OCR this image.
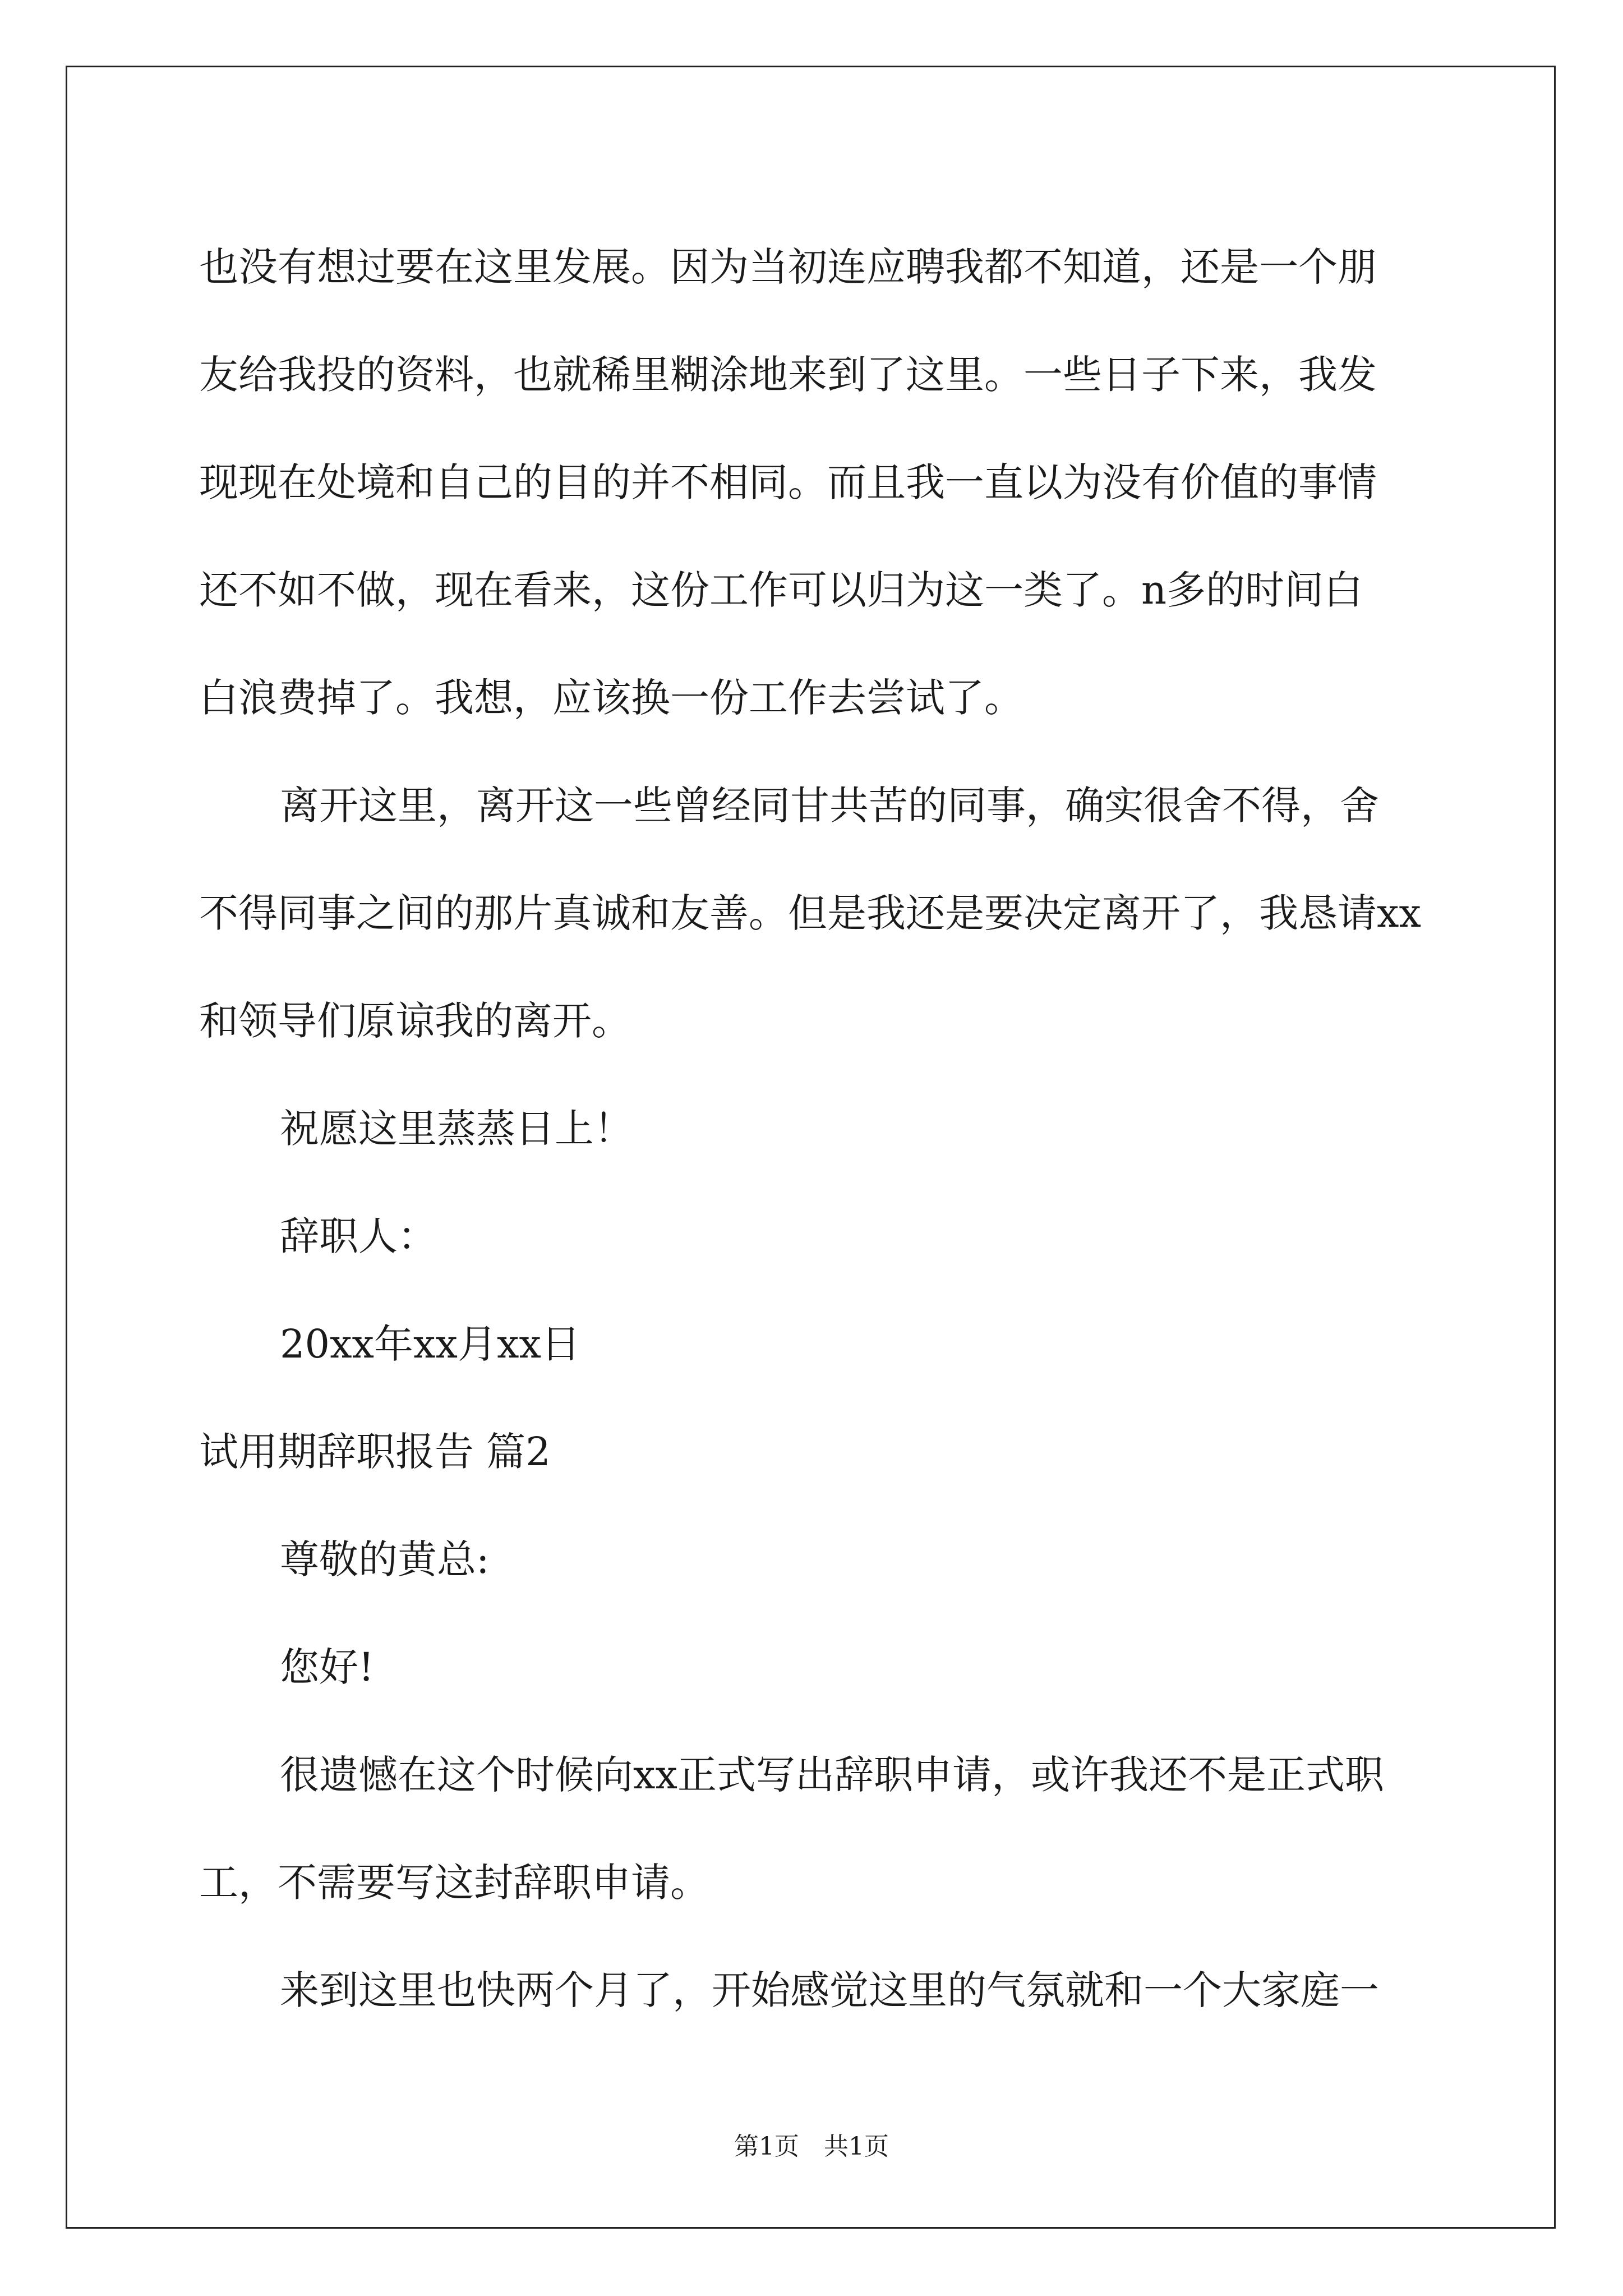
也没有想过要在这里发展。因为当初连应聘我都不知道，还是一个朋

友给我投的资料，也就稀里糊涂地来到了这里。一些日子下来，我发

现现在处境和自己的目的并不相同。而且我一直以为没有价值的事情

还不如不做，现在看来，这份工作可以归为这一类了。n多的时间白

白浪费掉了。我想，应该换一份工作去尝试了。

离开这里，离开这一些曾经同甘共苦的同事，确实很舍不得，舍

不得同事之间的那片真诚和友善。但是我还是要决定离开了，我恳请xx

和领导们原谅我的离开。

祝愿这里蒸蒸日上！

辞职人：

20xx年xx月xx日

试用期辞职报告 篇2

尊敬的黄总:

您好!

很遗憾在这个时候向xx正式写出辞职申请，或许我还不是正式职

工，不需要写这封辞职申请。

来到这里也快两个月了，开始感觉这里的气氛就和一个大家庭一

第1页　共1页
